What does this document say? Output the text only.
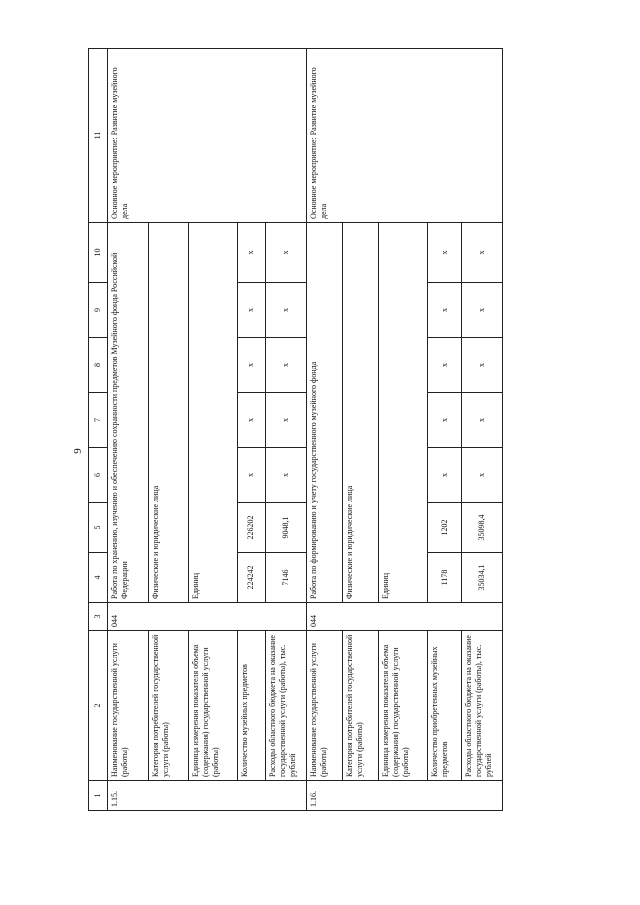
9
1	2	3	4	5	6	7	8	9	10	11
1.15.	Наименование государственной услуги (работы)	044	Работа по хранению, изучению и обеспечению сохранности предметов Музейного фонда Российской Федерации							Основное мероприятие: Развитие музейного дела
	Категория потребителей государственной услуги (работы)		Физические и юридические лица							
	Единица измерения показателя объема (содержания) государственной услуги (работы)		Единиц							
	Количество музейных предметов		224242	226202	x	x	x	x	x	
	Расходы областного бюджета на оказание государственной услуги (работы), тыс. рублей		7146	9048,1	x	x	x	x	x	
1.16.	Наименование государственной услуги (работы)	044	Работа по формированию и учету государственного музейного фонда							Основное мероприятие: Развитие музейного дела
	Категория потребителей государственной услуги (работы)		Физические и юридические лица							
	Единица измерения показателя объема (содержания) государственной услуги (работы)		Единиц							
	Количество приобретенных музейных предметов		1178	1202	x	x	x	x	x	
	Расходы областного бюджета на оказание государственной услуги (работы), тыс. рублей		35034,1	35098,4	x	x	x	x	x	
